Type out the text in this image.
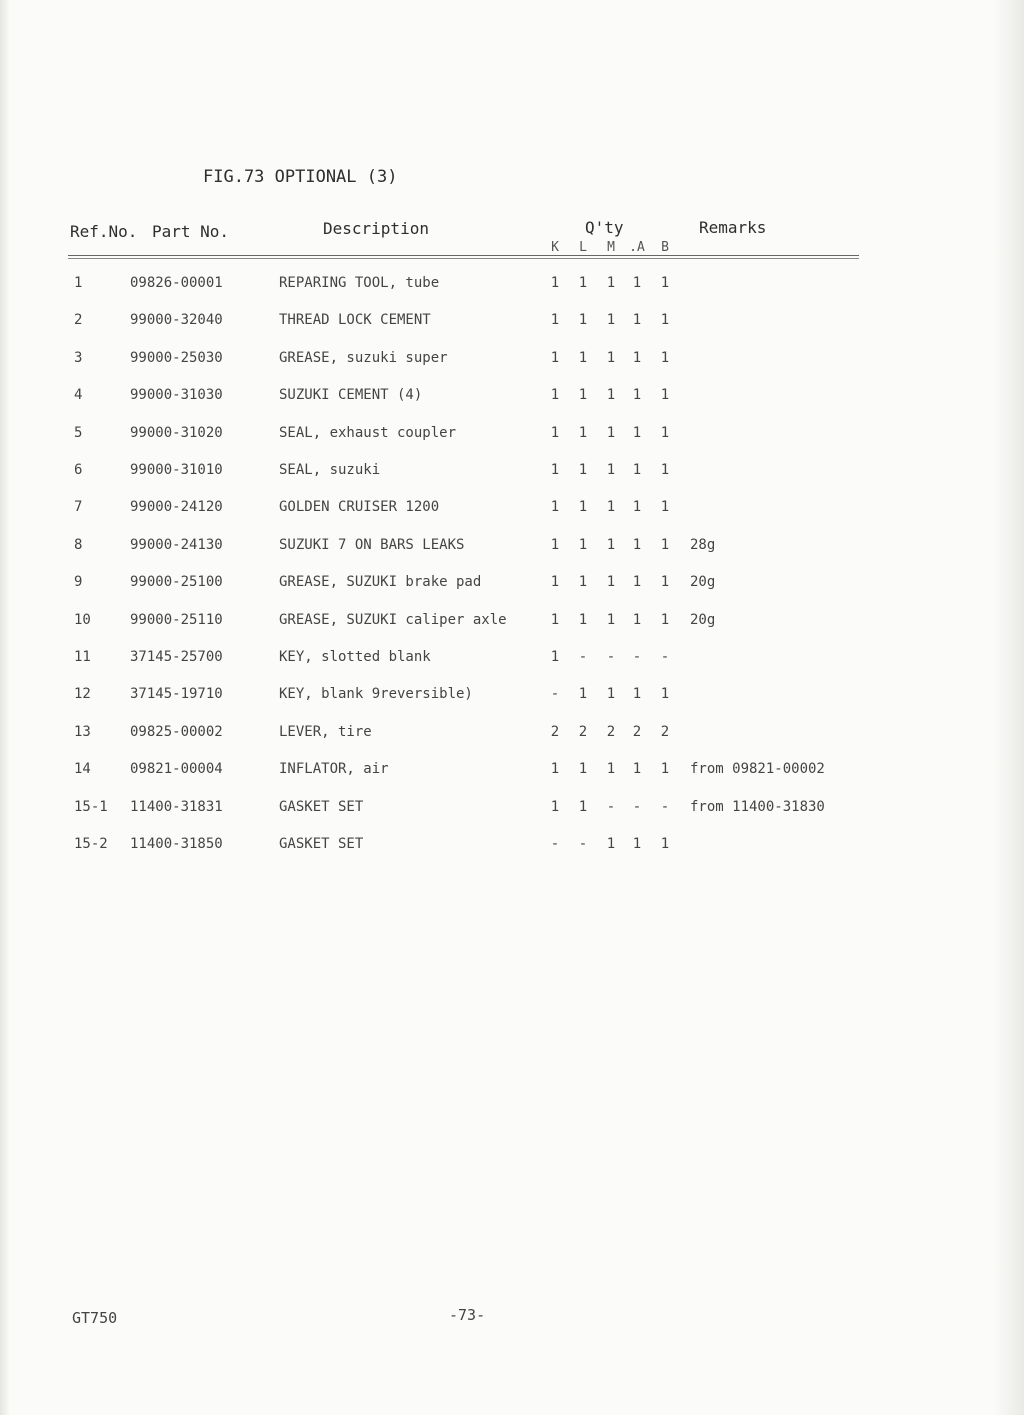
FIG.73 OPTIONAL (3)
Ref.No. Part No.	Description	Q'ty	Remarks
K	L	M	.A	B
1	09826-00001	REPARING TOOL, tube	1	1	1	1	1
2	99000-32040	THREAD LOCK CEMENT	1	1	1	1	1
3	99000-25030	GREASE, suzuki super	1	1	1	1	1
4	99000-31030	SUZUKI CEMENT (4)	1	1	1	1	1
5	99000-31020	SEAL, exhaust coupler	1	1	1	1	1
6	99000-31010	SEAL, suzuki	1	1	1	1	1
7	99000-24120	GOLDEN CRUISER 1200	1	1	1	1	1
8	99000-24130	SUZUKI 7 ON BARS LEAKS	1	1	1	1	1	28g
9	99000-25100	GREASE, SUZUKI brake pad	1	1	1	1	1	20g
10	99000-25110	GREASE, SUZUKI caliper axle	1	1	1	1	1	20g
11	37145-25700	KEY, slotted blank	1	-	-	-	-
12	37145-19710	KEY, blank 9reversible)	-	1	1	1	1
13	09825-00002	LEVER, tire	2	2	2	2	2
14	09821-00004	INFLATOR, air	1	1	1	1	1	from 09821-00002
15-1 11400-31831	GASKET SET	1	1	-	-	-	from 11400-31830
15-2 11400-31850	GASKET SET	-	-	1	1	1
GT750	-73-
